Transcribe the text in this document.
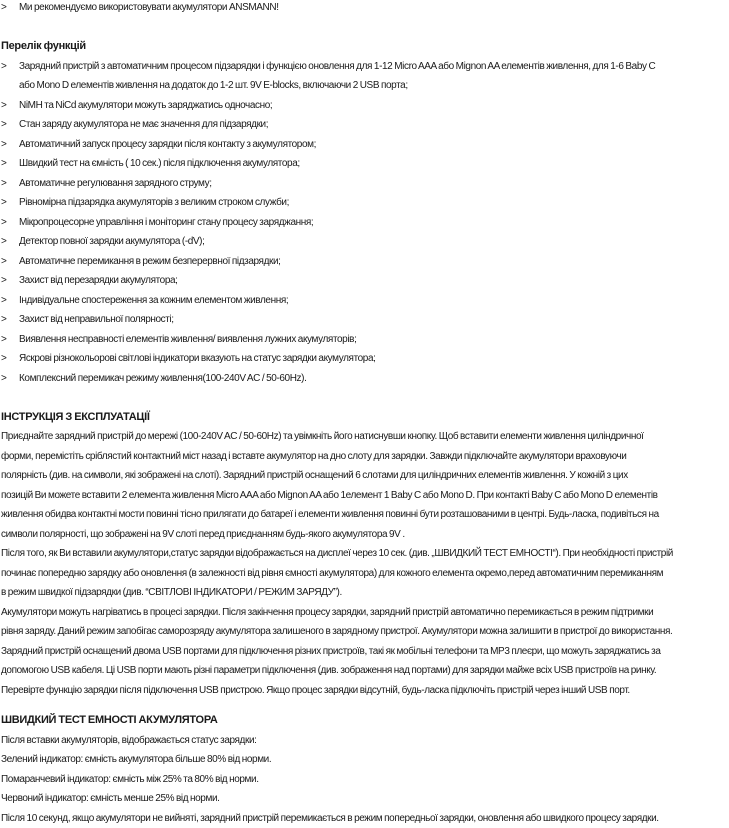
> Ми рекомендуємо використовувати акумулятори ANSMANN!
Перелік функцій
> Зарядний пристрій з автоматичним процесом підзарядки і функцією оновлення для 1-12 Micro AAA або Mignon AA елементів живлення, для 1-6 Baby C
або Mono D елементів живлення на додаток до 1-2 шт. 9V E-blocks, включаючи 2 USB порта;
> NiMH та NiCd акумулятори можуть заряджатись одночасно;
> Стан заряду акумулятора не має значення для підзарядки;
> Автоматичний запуск процесу зарядки після контакту з акумулятором;
> Швидкий тест на ємність ( 10 сек.) після підключення акумулятора;
> Автоматичне регулювання зарядного струму;
> Рівномірна підзарядка акумуляторів з великим строком служби;
> Мікропроцесорне управління і моніторинг стану процесу заряджання;
> Детектор повної зарядки акумулятора (-dV);
> Автоматичне перемикання в режим безперервної підзарядки;
> Захист від перезарядки акумулятора;
> Індивідуальне спостереження за кожним елементом живлення;
> Захист від неправильної полярності;
> Виявлення несправності елементів живлення/ виявлення лужних акумуляторів;
> Яскрові різнокольорові світлові індикатори вказують на статус зарядки акумулятора;
> Комплексний перемикач режиму живлення(100-240V AC / 50-60Hz).
ІНСТРУКЦІЯ З ЕКСПЛУАТАЦІЇ
Приєднайте зарядний пристрій до мережі (100-240V AC / 50-60Hz) та увімкніть його натиснувши кнопку. Щоб вставити елементи живлення циліндричної
форми, перемістіть сріблястий контактний міст назад і вставте акумулятор на дно слоту для зарядки. Завжди підключайте акумулятори враховуючи
полярність (див. на символи, які зображені на слоті). Зарядний пристрій оснащений 6 слотами для циліндричних елементів живлення. У кожній з цих
позицій Ви можете вставити 2 елемента живлення Micro AAA або Mignon AA або 1елемент 1 Baby C або Mono D. При контакті Baby C або Mono D елементів
живлення обидва контактні мости повинні тісно прилягати до батареї і елементи живлення повинні бути розташованими в центрі. Будь-ласка, подивіться на
символи полярності, що зображені на 9V слоті перед приєднанням будь-якого акумулятора 9V .
Після того, як Ви вставили акумулятори,статус зарядки відображається на дисплеї через 10 сек. (див. „ШВИДКИЙ ТЕСТ ЕМНОСТІ“). При необхідності пристрій
починає попередню зарядку або оновлення (в залежності від рівня ємності акумулятора) для кожного елемента окремо,перед автоматичним перемиканням
в режим швидкої підзарядки (див. “СВІТЛОВІ ІНДИКАТОРИ / РЕЖИМ ЗАРЯДУ”).
Акумулятори можуть нагріватись в процесі зарядки. Після закінчення процесу зарядки, зарядний пристрій автоматично перемикається в режим підтримки
рівня заряду. Даний режим запобігає саморозряду акумулятора залишеного в зарядному пристрої. Акумулятори можна залишити в пристрої до використання.
Зарядний пристрій оснащений двома USB портами для підключення різних пристроїв, такі як мобільні телефони та MP3 плеєри, що можуть заряджатись за
допомогою USB кабеля. Ці USB порти мають різні параметри підключення (див. зображення над портами) для зарядки майже всіх USB пристроїв на ринку.
Перевірте функцію зарядки після підключення USB пристрою. Якщо процес зарядки відсутній, будь-ласка підключіть пристрій через інший USB порт.
ШВИДКИЙ ТЕСТ ЕМНОСТІ АКУМУЛЯТОРА
Після вставки акумуляторів, відображається статус зарядки:
Зелений індикатор: ємність акумулятора більше 80% від норми.
Помаранчевий індикатор: ємність між 25% та 80% від норми.
Червоний індикатор: ємність менше 25% від норми.
Після 10 секунд, якщо акумулятори не вийняті, зарядний пристрій перемикається в режим попередньої зарядки, оновлення або швидкого процесу зарядки.
